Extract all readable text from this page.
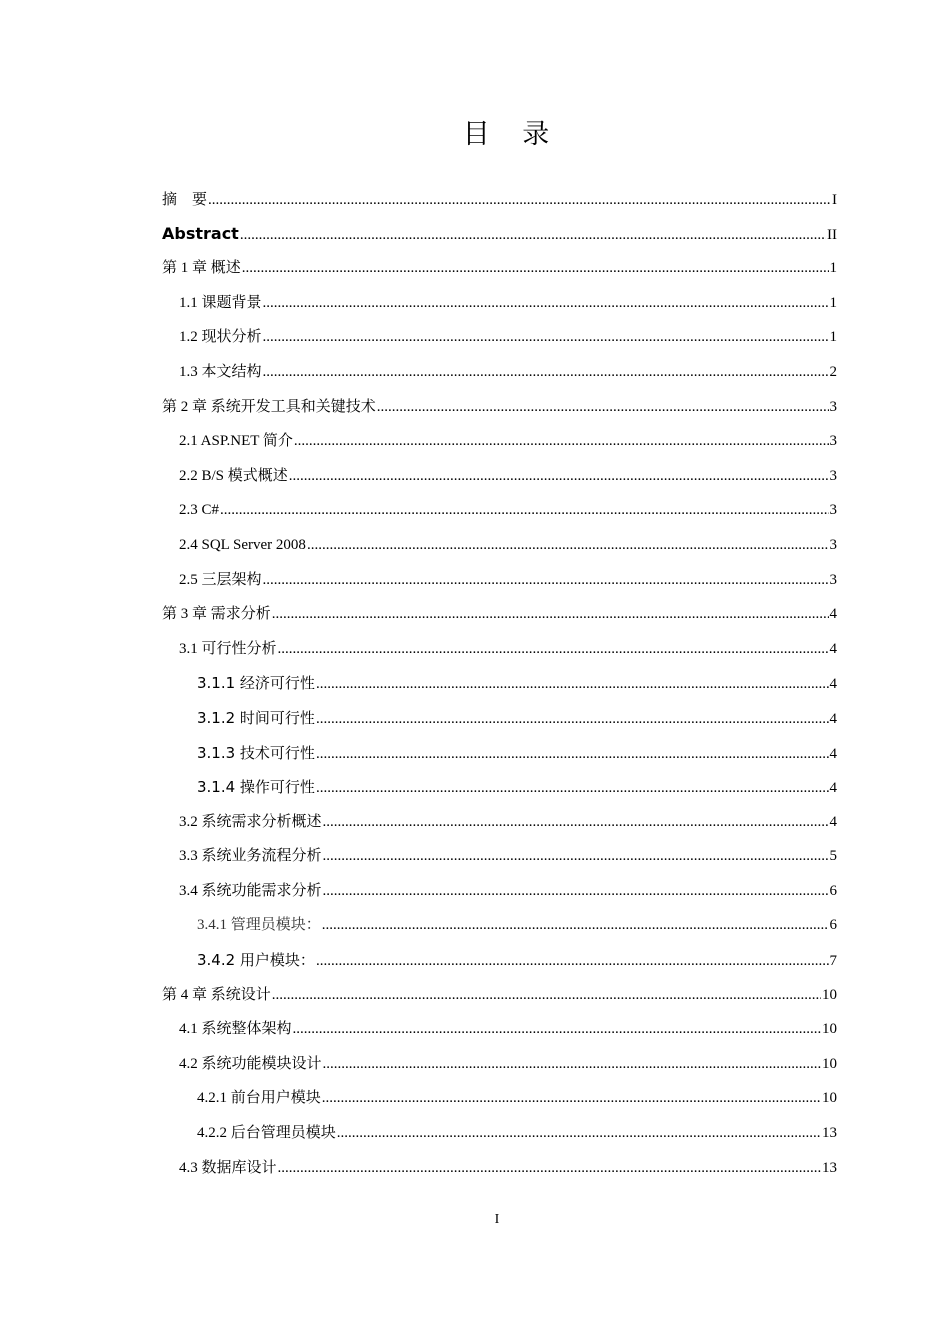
目 录
摘　要 .....	I
Abstract .....	II
第 1 章 概述 .....	1
1.1 课题背景 .....	1
1.2 现状分析 .....	1
1.3 本文结构 .....	2
第 2 章 系统开发工具和关键技术 .....	3
2.1 ASP.NET 简介 .....	3
2.2 B/S 模式概述 .....	3
2.3 C# .....	3
2.4 SQL Server 2008 .....	3
2.5 三层架构 .....	3
第 3 章 需求分析 .....	4
3.1 可行性分析 .....	4
3.1.1 经济可行性 .....	4
3.1.2 时间可行性 .....	4
3.1.3 技术可行性 .....	4
3.1.4 操作可行性 .....	4
3.2 系统需求分析概述 .....	4
3.3 系统业务流程分析 .....	5
3.4 系统功能需求分析 .....	6
3.4.1 管理员模块： .....	6
3.4.2 用户模块： .....	7
第 4 章 系统设计 .....	10
4.1 系统整体架构 .....	10
4.2 系统功能模块设计 .....	10
4.2.1 前台用户模块 .....	10
4.2.2 后台管理员模块 .....	13
4.3 数据库设计 .....	13
I
